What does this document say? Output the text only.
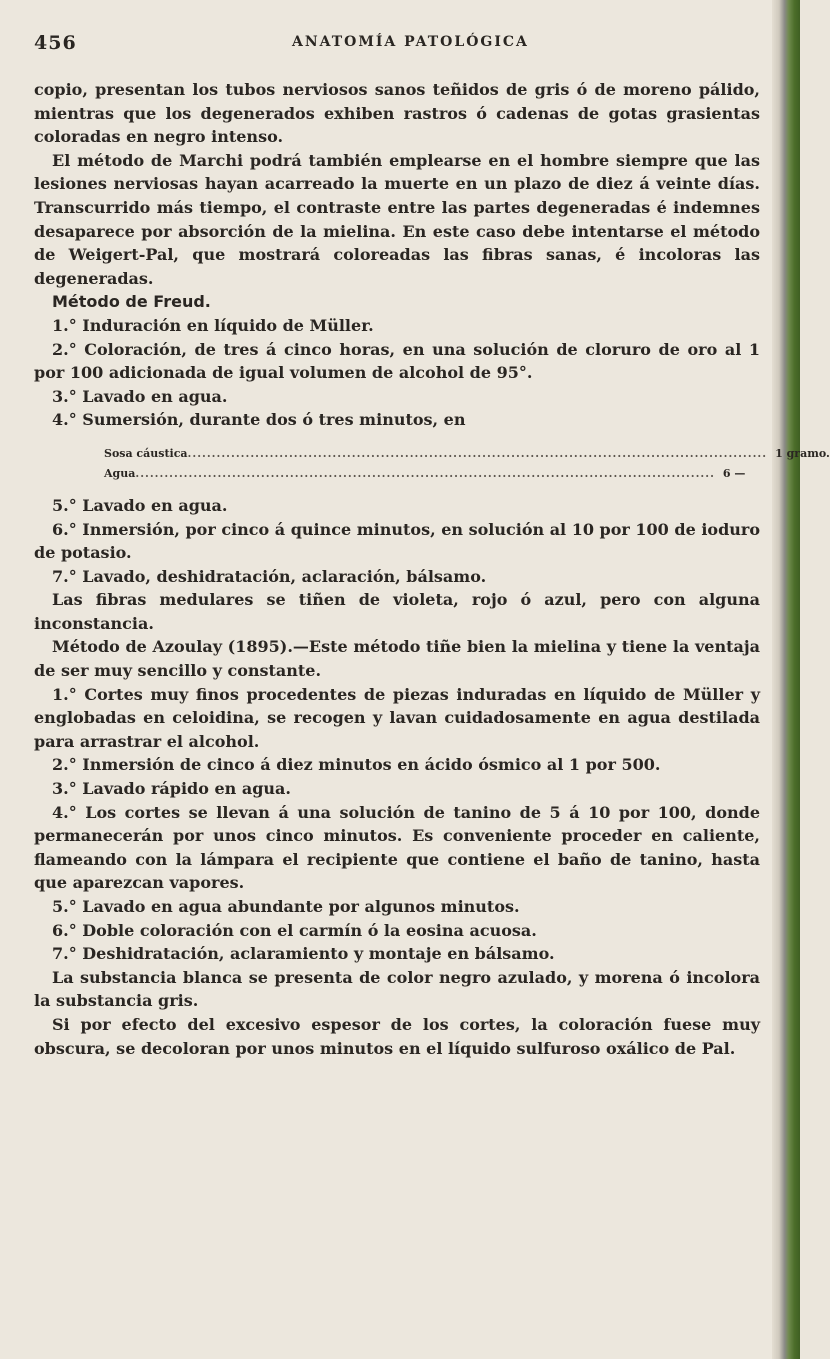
456	ANATOMÍA PATOLÓGICA

copio, presentan los tubos nerviosos sanos teñidos de gris ó de moreno pálido, mientras que los degenerados exhiben rastros ó cadenas de gotas grasientas coloradas en negro intenso.

El método de Marchi podrá también emplearse en el hombre siempre que las lesiones nerviosas hayan acarreado la muerte en un plazo de diez á veinte días. Transcurrido más tiempo, el contraste entre las partes degeneradas é indemnes desaparece por absorción de la mielina. En este caso debe intentarse el método de Weigert-Pal, que mostrará coloreadas las fibras sanas, é incoloras las degeneradas.

Método de Freud.

1.° Induración en líquido de Müller.

2.° Coloración, de tres á cinco horas, en una solución de cloruro de oro al 1 por 100 adicionada de igual volumen de alcohol de 95°.

3.° Lavado en agua.

4.° Sumersión, durante dos ó tres minutos, en

Sosa cáustica ........................................................................................................................ 1 gramo.
Agua ........................................................................................................................ 6 —

5.° Lavado en agua.

6.° Inmersión, por cinco á quince minutos, en solución al 10 por 100 de ioduro de potasio.

7.° Lavado, deshidratación, aclaración, bálsamo.

Las fibras medulares se tiñen de violeta, rojo ó azul, pero con alguna inconstancia.

Método de Azoulay (1895).—Este método tiñe bien la mielina y tiene la ventaja de ser muy sencillo y constante.

1.° Cortes muy finos procedentes de piezas induradas en líquido de Müller y englobadas en celoidina, se recogen y lavan cuidadosamente en agua destilada para arrastrar el alcohol.

2.° Inmersión de cinco á diez minutos en ácido ósmico al 1 por 500.

3.° Lavado rápido en agua.

4.° Los cortes se llevan á una solución de tanino de 5 á 10 por 100, donde permanecerán por unos cinco minutos. Es conveniente proceder en caliente, flameando con la lámpara el recipiente que contiene el baño de tanino, hasta que aparezcan vapores.

5.° Lavado en agua abundante por algunos minutos.

6.° Doble coloración con el carmín ó la eosina acuosa.

7.° Deshidratación, aclaramiento y montaje en bálsamo.

La substancia blanca se presenta de color negro azulado, y morena ó incolora la substancia gris.

Si por efecto del excesivo espesor de los cortes, la coloración fuese muy obscura, se decoloran por unos minutos en el líquido sulfuroso oxálico de Pal.
